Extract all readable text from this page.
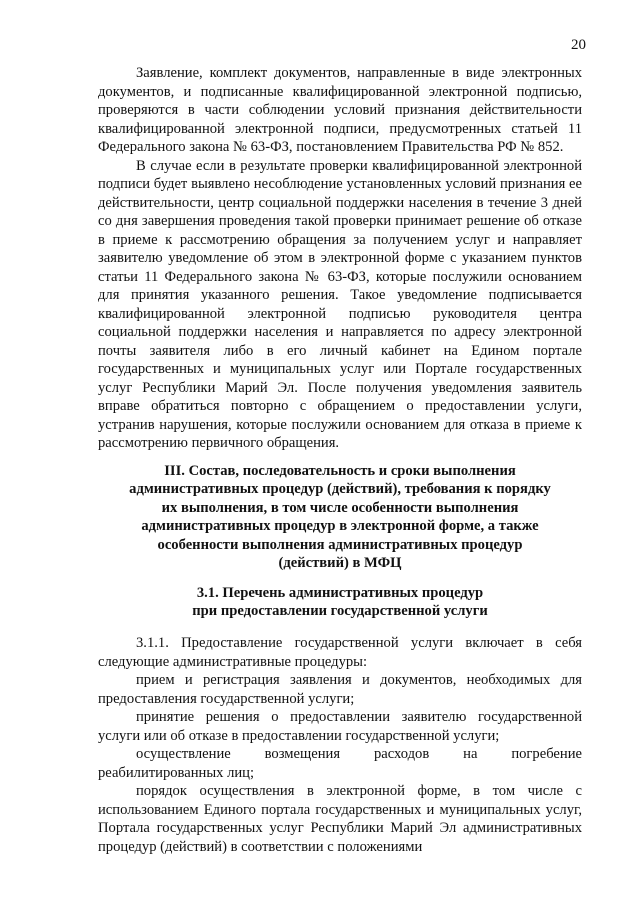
20

Заявление, комплект документов, направленные в виде электронных документов, и подписанные квалифицированной электронной подписью, проверяются в части соблюдении условий признания действительности квалифицированной электронной подписи, предусмотренных статьей 11 Федерального закона № 63-ФЗ, постановлением Правительства РФ № 852.

В случае если в результате проверки квалифицированной электронной подписи будет выявлено несоблюдение установленных условий признания ее действительности, центр социальной поддержки населения в течение 3 дней со дня завершения проведения такой проверки принимает решение об отказе в приеме к рассмотрению обращения за получением услуг и направляет заявителю уведомление об этом в электронной форме с указанием пунктов статьи 11 Федерального закона № 63-ФЗ, которые послужили основанием для принятия указанного решения. Такое уведомление подписывается квалифицированной электронной подписью руководителя центра социальной поддержки населения и направляется по адресу электронной почты заявителя либо в его личный кабинет на Едином портале государственных и муниципальных услуг или Портале государственных услуг Республики Марий Эл. После получения уведомления заявитель вправе обратиться повторно с обращением о предоставлении услуги, устранив нарушения, которые послужили основанием для отказа в приеме к рассмотрению первичного обращения.

III. Состав, последовательность и сроки выполнения
административных процедур (действий), требования к порядку
их выполнения, в том числе особенности выполнения
административных процедур в электронной форме, а также
особенности выполнения административных процедур
(действий) в МФЦ
3.1. Перечень административных процедур
при предоставлении государственной услуги

3.1.1. Предоставление государственной услуги включает в себя следующие административные процедуры:

прием и регистрация заявления и документов, необходимых для предоставления государственной услуги;

принятие решения о предоставлении заявителю государственной услуги или об отказе в предоставлении государственной услуги;

осуществление возмещения расходов на погребение реабилитированных лиц;

порядок осуществления в электронной форме, в том числе с использованием Единого портала государственных и муниципальных услуг, Портала государственных услуг Республики Марий Эл административных процедур (действий) в соответствии с положениями
